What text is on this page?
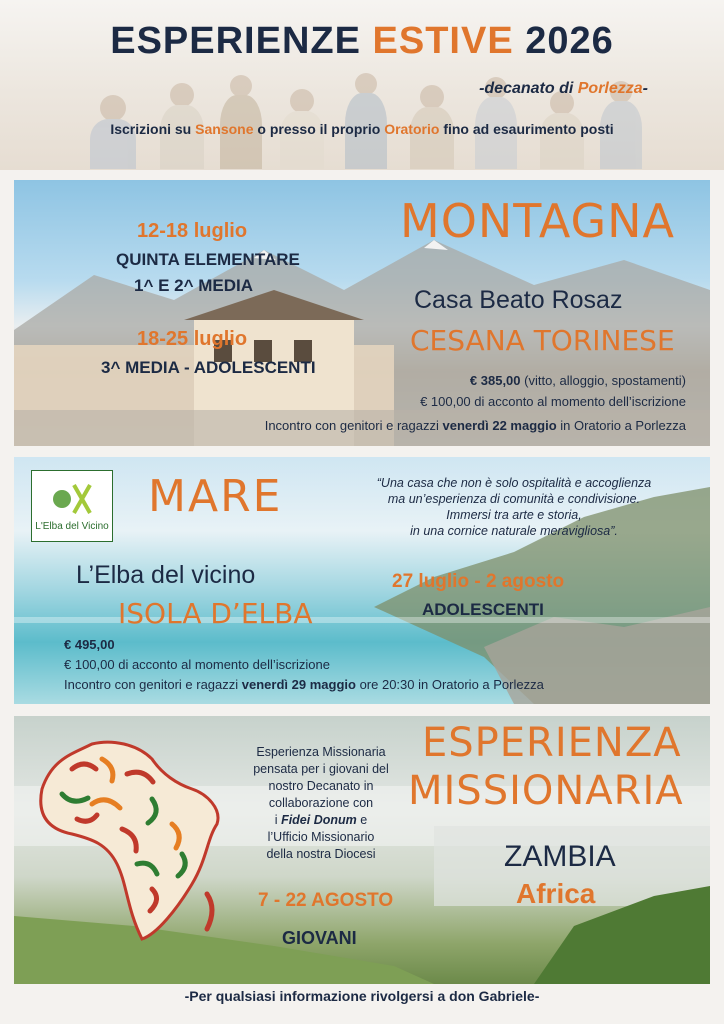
ESPERIENZE ESTIVE 2026
-decanato di Porlezza-
Iscrizioni su Sansone o presso il proprio Oratorio fino ad esaurimento posti
12-18 luglio
QUINTA ELEMENTARE
1^ E 2^ MEDIA
18-25 luglio
3^ MEDIA - ADOLESCENTI
MONTAGNA
Casa Beato Rosaz
CESANA TORINESE
€ 385,00 (vitto, alloggio, spostamenti)
€ 100,00 di acconto al momento dell’iscrizione
Incontro con genitori e ragazzi venerdì 22 maggio in Oratorio a Porlezza
L'Elba del Vicino
MARE	“Una casa che non è solo ospitalità e accoglienza
ma un’esperienza di comunità e condivisione.
Immersi tra arte e storia,
in una cornice naturale meravigliosa”.
L’Elba del vicino
ISOLA D’ELBA
27 luglio - 2 agosto
ADOLESCENTI
€ 495,00
€ 100,00 di acconto al momento dell’iscrizione
Incontro con genitori e ragazzi venerdì 29 maggio ore 20:30 in Oratorio a Porlezza
Esperienza Missionaria
pensata per i giovani del
nostro Decanato in
collaborazione con
i Fidei Donum e
l’Ufficio Missionario
della nostra Diocesi
7 - 22 AGOSTO
GIOVANI
ESPERIENZA
MISSIONARIA
ZAMBIA
Africa
-Per qualsiasi informazione rivolgersi a don Gabriele-
